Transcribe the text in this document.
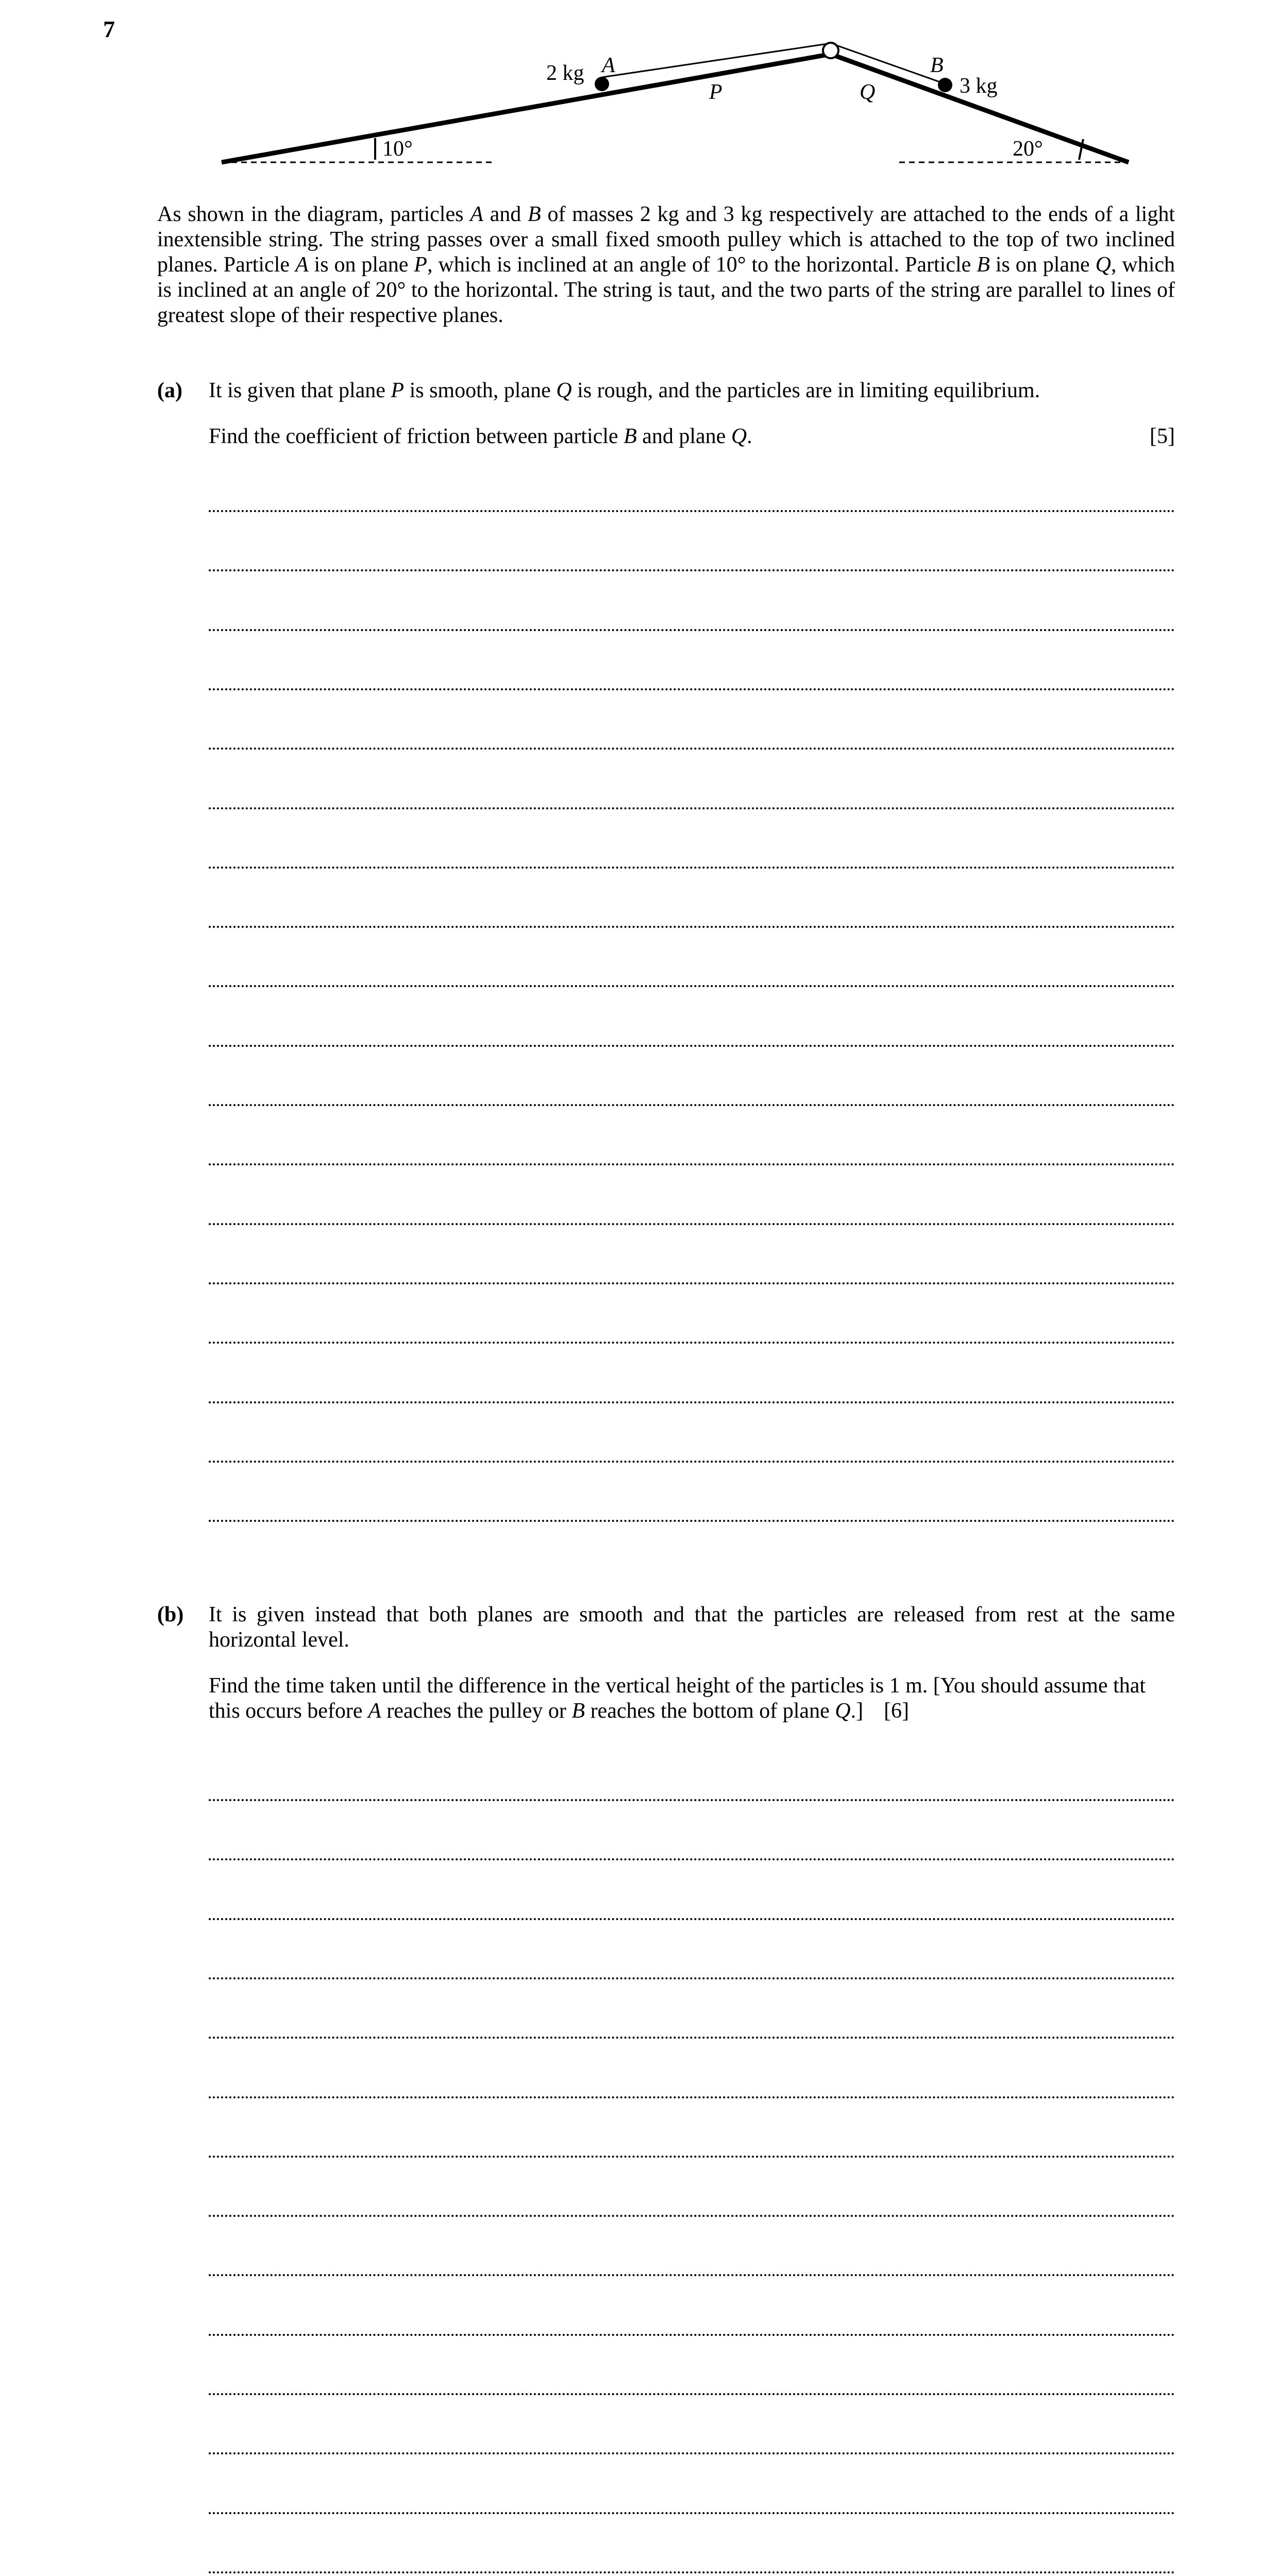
7
2 kg A	B
3 kg
P	Q
10°	20°
As shown in the diagram, particles A and B of masses 2 kg and 3 kg respectively are attached to the ends of a light inextensible string. The string passes over a small fixed smooth pulley which is attached to the top of two inclined planes. Particle A is on plane P, which is inclined at an angle of 10° to the horizontal. Particle B is on plane Q, which is inclined at an angle of 20° to the horizontal. The string is taut, and the two parts of the string are parallel to lines of greatest slope of their respective planes.
(a) It is given that plane P is smooth, plane Q is rough, and the particles are in limiting equilibrium.

[5]
Find the coefficient of friction between particle B and plane Q.

(b) It is given instead that both planes are smooth and that the particles are released from rest at the same horizontal level.

Find the time taken until the difference in the vertical height of the particles is 1 m. [You should assume that this occurs before A reaches the pulley or B reaches the bottom of plane Q.] [6]
